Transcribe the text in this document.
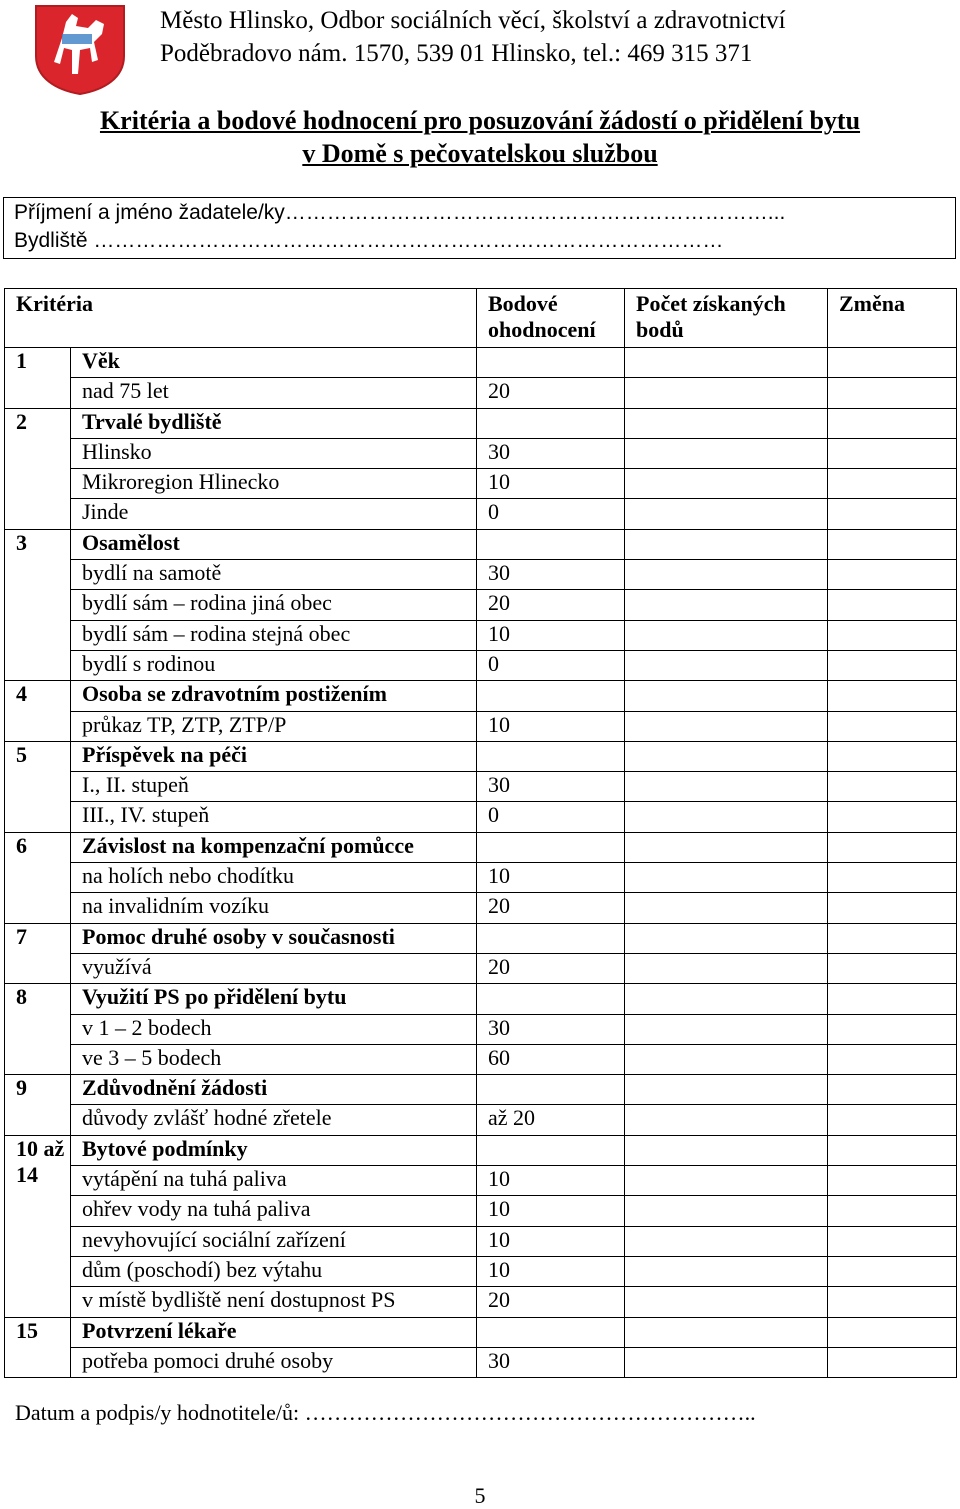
Město Hlinsko, Odbor sociálních věcí, školství a zdravotnictví
Poděbradovo nám. 1570, 539 01 Hlinsko, tel.: 469 315 371
Kritéria a bodové hodnocení pro posuzování žádostí o přidělení bytu
v Domě s pečovatelskou službou
Příjmení a jméno žadatele/ky……………………………………………………………...
Bydliště ………………………………………………………………………………
Kritéria		Bodové ohodnocení	Počet získaných bodů	Změna
1	Věk			
	nad 75 let	20		
2	Trvalé bydliště			
	Hlinsko	30		
	Mikroregion Hlinecko	10		
	Jinde	0		
3	Osamělost			
	bydlí na samotě	30		
	bydlí sám – rodina jiná obec	20		
	bydlí sám – rodina stejná obec	10		
	bydlí s rodinou	0		
4	Osoba se zdravotním postižením			
	průkaz TP, ZTP, ZTP/P	10		
5	Příspěvek na péči			
	I., II. stupeň	30		
	III., IV. stupeň	0		
6	Závislost na kompenzační pomůcce			
	na holích nebo chodítku	10		
	na invalidním vozíku	20		
7	Pomoc druhé osoby v současnosti			
	využívá	20		
8	Využití PS po přidělení bytu			
	v 1 – 2 bodech	30		
	ve 3 – 5 bodech	60		
9	Zdůvodnění žádosti			
	důvody zvlášť hodné zřetele	až 20		
10 až 14	Bytové podmínky			
	vytápění na tuhá paliva	10		
	ohřev vody na tuhá paliva	10		
	nevyhovující sociální zařízení	10		
	dům (poschodí) bez výtahu	10		
	v místě bydliště není dostupnost PS	20		
15	Potvrzení lékaře			
	potřeba pomoci druhé osoby	30		
Datum a podpis/y hodnotitele/ů: ……………………………………………………..
5
